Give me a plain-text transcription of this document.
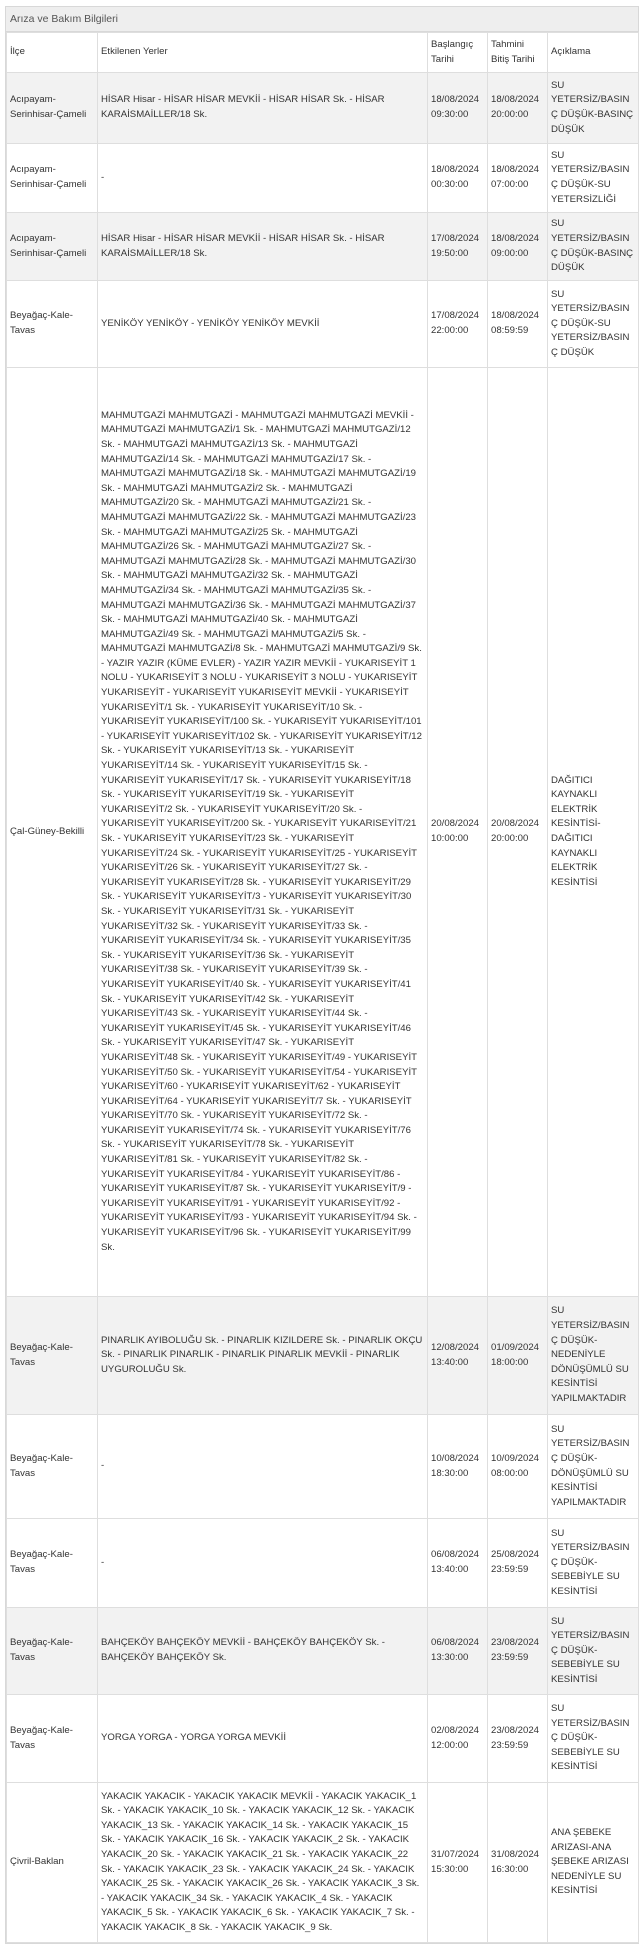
Arıza ve Bakım Bilgileri
İlçe	Etkilenen Yerler	Başlangıç Tarihi	Tahmini Bitiş Tarihi	Açıklama
Acıpayam-Serinhisar-Çameli	HİSAR Hisar - HİSAR HİSAR MEVKİİ - HİSAR HİSAR Sk. - HİSAR KARAİSMAİLLER/18 Sk.	18/08/2024 09:30:00	18/08/2024 20:00:00	SU YETERSİZ/BASINÇ DÜŞÜK-BASINÇ DÜŞÜK
Acıpayam-Serinhisar-Çameli	-	18/08/2024 00:30:00	18/08/2024 07:00:00	SU YETERSİZ/BASINÇ DÜŞÜK-SU YETERSİZLİĞİ
Acıpayam-Serinhisar-Çameli	HİSAR Hisar - HİSAR HİSAR MEVKİİ - HİSAR HİSAR Sk. - HİSAR KARAİSMAİLLER/18 Sk.	17/08/2024 19:50:00	18/08/2024 09:00:00	SU YETERSİZ/BASINÇ DÜŞÜK-BASINÇ DÜŞÜK
Beyağaç-Kale-Tavas	YENİKÖY YENİKÖY - YENİKÖY YENİKÖY MEVKİİ	17/08/2024 22:00:00	18/08/2024 08:59:59	SU YETERSİZ/BASINÇ DÜŞÜK-SU YETERSİZ/BASINÇ DÜŞÜK
Çal-Güney-Bekilli	MAHMUTGAZİ MAHMUTGAZİ - MAHMUTGAZİ MAHMUTGAZİ MEVKİİ - MAHMUTGAZİ MAHMUTGAZİ/1 Sk. - MAHMUTGAZİ MAHMUTGAZİ/12 Sk. - MAHMUTGAZİ MAHMUTGAZİ/13 Sk. - MAHMUTGAZİ MAHMUTGAZİ/14 Sk. - MAHMUTGAZİ MAHMUTGAZİ/17 Sk. - MAHMUTGAZİ MAHMUTGAZİ/18 Sk. - MAHMUTGAZİ MAHMUTGAZİ/19 Sk. - MAHMUTGAZİ MAHMUTGAZİ/2 Sk. - MAHMUTGAZİ MAHMUTGAZİ/20 Sk. - MAHMUTGAZİ MAHMUTGAZİ/21 Sk. - MAHMUTGAZİ MAHMUTGAZİ/22 Sk. - MAHMUTGAZİ MAHMUTGAZİ/23 Sk. - MAHMUTGAZİ MAHMUTGAZİ/25 Sk. - MAHMUTGAZİ MAHMUTGAZİ/26 Sk. - MAHMUTGAZİ MAHMUTGAZİ/27 Sk. - MAHMUTGAZİ MAHMUTGAZİ/28 Sk. - MAHMUTGAZİ MAHMUTGAZİ/30 Sk. - MAHMUTGAZİ MAHMUTGAZİ/32 Sk. - MAHMUTGAZİ MAHMUTGAZİ/34 Sk. - MAHMUTGAZİ MAHMUTGAZİ/35 Sk. - MAHMUTGAZİ MAHMUTGAZİ/36 Sk. - MAHMUTGAZİ MAHMUTGAZİ/37 Sk. - MAHMUTGAZİ MAHMUTGAZİ/40 Sk. - MAHMUTGAZİ MAHMUTGAZİ/49 Sk. - MAHMUTGAZİ MAHMUTGAZİ/5 Sk. - MAHMUTGAZİ MAHMUTGAZİ/8 Sk. - MAHMUTGAZİ MAHMUTGAZİ/9 Sk. - YAZIR YAZIR (KÜME EVLER) - YAZIR YAZIR MEVKİİ - YUKARISEYİT 1 NOLU - YUKARISEYİT 3 NOLU - YUKARISEYİT 3 NOLU - YUKARISEYİT YUKARISEYİT - YUKARISEYİT YUKARISEYİT MEVKİİ - YUKARISEYİT YUKARISEYİT/1 Sk. - YUKARISEYİT YUKARISEYİT/10 Sk. - YUKARISEYİT YUKARISEYİT/100 Sk. - YUKARISEYİT YUKARISEYİT/101 - YUKARISEYİT YUKARISEYİT/102 Sk. - YUKARISEYİT YUKARISEYİT/12 Sk. - YUKARISEYİT YUKARISEYİT/13 Sk. - YUKARISEYİT YUKARISEYİT/14 Sk. - YUKARISEYİT YUKARISEYİT/15 Sk. - YUKARISEYİT YUKARISEYİT/17 Sk. - YUKARISEYİT YUKARISEYİT/18 Sk. - YUKARISEYİT YUKARISEYİT/19 Sk. - YUKARISEYİT YUKARISEYİT/2 Sk. - YUKARISEYİT YUKARISEYİT/20 Sk. - YUKARISEYİT YUKARISEYİT/200 Sk. - YUKARISEYİT YUKARISEYİT/21 Sk. - YUKARISEYİT YUKARISEYİT/23 Sk. - YUKARISEYİT YUKARISEYİT/24 Sk. - YUKARISEYİT YUKARISEYİT/25 - YUKARISEYİT YUKARISEYİT/26 Sk. - YUKARISEYİT YUKARISEYİT/27 Sk. - YUKARISEYİT YUKARISEYİT/28 Sk. - YUKARISEYİT YUKARISEYİT/29 Sk. - YUKARISEYİT YUKARISEYİT/3 - YUKARISEYİT YUKARISEYİT/30 Sk. - YUKARISEYİT YUKARISEYİT/31 Sk. - YUKARISEYİT YUKARISEYİT/32 Sk. - YUKARISEYİT YUKARISEYİT/33 Sk. - YUKARISEYİT YUKARISEYİT/34 Sk. - YUKARISEYİT YUKARISEYİT/35 Sk. - YUKARISEYİT YUKARISEYİT/36 Sk. - YUKARISEYİT YUKARISEYİT/38 Sk. - YUKARISEYİT YUKARISEYİT/39 Sk. - YUKARISEYİT YUKARISEYİT/40 Sk. - YUKARISEYİT YUKARISEYİT/41 Sk. - YUKARISEYİT YUKARISEYİT/42 Sk. - YUKARISEYİT YUKARISEYİT/43 Sk. - YUKARISEYİT YUKARISEYİT/44 Sk. - YUKARISEYİT YUKARISEYİT/45 Sk. - YUKARISEYİT YUKARISEYİT/46 Sk. - YUKARISEYİT YUKARISEYİT/47 Sk. - YUKARISEYİT YUKARISEYİT/48 Sk. - YUKARISEYİT YUKARISEYİT/49 - YUKARISEYİT YUKARISEYİT/50 Sk. - YUKARISEYİT YUKARISEYİT/54 - YUKARISEYİT YUKARISEYİT/60 - YUKARISEYİT YUKARISEYİT/62 - YUKARISEYİT YUKARISEYİT/64 - YUKARISEYİT YUKARISEYİT/7 Sk. - YUKARISEYİT YUKARISEYİT/70 Sk. - YUKARISEYİT YUKARISEYİT/72 Sk. - YUKARISEYİT YUKARISEYİT/74 Sk. - YUKARISEYİT YUKARISEYİT/76 Sk. - YUKARISEYİT YUKARISEYİT/78 Sk. - YUKARISEYİT YUKARISEYİT/81 Sk. - YUKARISEYİT YUKARISEYİT/82 Sk. - YUKARISEYİT YUKARISEYİT/84 - YUKARISEYİT YUKARISEYİT/86 - YUKARISEYİT YUKARISEYİT/87 Sk. - YUKARISEYİT YUKARISEYİT/9 - YUKARISEYİT YUKARISEYİT/91 - YUKARISEYİT YUKARISEYİT/92 - YUKARISEYİT YUKARISEYİT/93 - YUKARISEYİT YUKARISEYİT/94 Sk. - YUKARISEYİT YUKARISEYİT/96 Sk. - YUKARISEYİT YUKARISEYİT/99 Sk.	20/08/2024 10:00:00	20/08/2024 20:00:00	DAĞITICI KAYNAKLI ELEKTRİK KESİNTİSİ-DAĞITICI KAYNAKLI ELEKTRİK KESİNTİSİ
Beyağaç-Kale-Tavas	PINARLIK AYIBOLUĞU Sk. - PINARLIK KIZILDERE Sk. - PINARLIK OKÇU Sk. - PINARLIK PINARLIK - PINARLIK PINARLIK MEVKİİ - PINARLIK UYGUROLUĞU Sk.	12/08/2024 13:40:00	01/09/2024 18:00:00	SU YETERSİZ/BASINÇ DÜŞÜK-NEDENİYLE DÖNÜŞÜMLÜ SU KESİNTİSİ YAPILMAKTADIR
Beyağaç-Kale-Tavas	-	10/08/2024 18:30:00	10/09/2024 08:00:00	SU YETERSİZ/BASINÇ DÜŞÜK-DÖNÜŞÜMLÜ SU KESİNTİSİ YAPILMAKTADIR
Beyağaç-Kale-Tavas	-	06/08/2024 13:40:00	25/08/2024 23:59:59	SU YETERSİZ/BASINÇ DÜŞÜK-SEBEBİYLE SU KESİNTİSİ
Beyağaç-Kale-Tavas	BAHÇEKÖY BAHÇEKÖY MEVKİİ - BAHÇEKÖY BAHÇEKÖY Sk. - BAHÇEKÖY BAHÇEKÖY Sk.	06/08/2024 13:30:00	23/08/2024 23:59:59	SU YETERSİZ/BASINÇ DÜŞÜK-SEBEBİYLE SU KESİNTİSİ
Beyağaç-Kale-Tavas	YORGA YORGA - YORGA YORGA MEVKİİ	02/08/2024 12:00:00	23/08/2024 23:59:59	SU YETERSİZ/BASINÇ DÜŞÜK-SEBEBİYLE SU KESİNTİSİ
Çivril-Baklan	YAKACIK YAKACIK - YAKACIK YAKACIK MEVKİİ - YAKACIK YAKACIK_1 Sk. - YAKACIK YAKACIK_10 Sk. - YAKACIK YAKACIK_12 Sk. - YAKACIK YAKACIK_13 Sk. - YAKACIK YAKACIK_14 Sk. - YAKACIK YAKACIK_15 Sk. - YAKACIK YAKACIK_16 Sk. - YAKACIK YAKACIK_2 Sk. - YAKACIK YAKACIK_20 Sk. - YAKACIK YAKACIK_21 Sk. - YAKACIK YAKACIK_22 Sk. - YAKACIK YAKACIK_23 Sk. - YAKACIK YAKACIK_24 Sk. - YAKACIK YAKACIK_25 Sk. - YAKACIK YAKACIK_26 Sk. - YAKACIK YAKACIK_3 Sk. - YAKACIK YAKACIK_34 Sk. - YAKACIK YAKACIK_4 Sk. - YAKACIK YAKACIK_5 Sk. - YAKACIK YAKACIK_6 Sk. - YAKACIK YAKACIK_7 Sk. - YAKACIK YAKACIK_8 Sk. - YAKACIK YAKACIK_9 Sk.	31/07/2024 15:30:00	31/08/2024 16:30:00	ANA ŞEBEKE ARIZASI-ANA ŞEBEKE ARIZASI NEDENİYLE SU KESİNTİSİ
